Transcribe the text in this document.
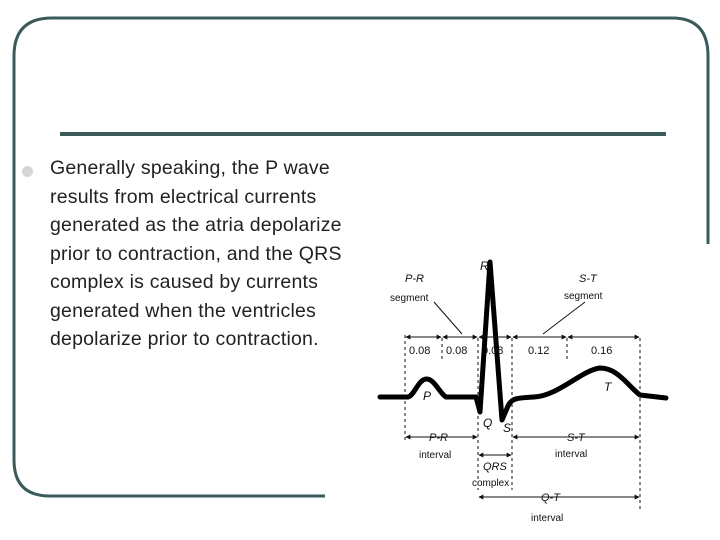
Generally speaking, the P wave results from electrical currents generated as the atria depolarize prior to contraction, and the QRS complex is caused by currents generated when the ventricles depolarize prior to contraction.
P-R
segment
S-T
segment
0.08 0.08 0.08 0.12	0.16
R
P
T
Q S
P-R
interval
S-T
interval
QRS
complex
Q-T
interval
